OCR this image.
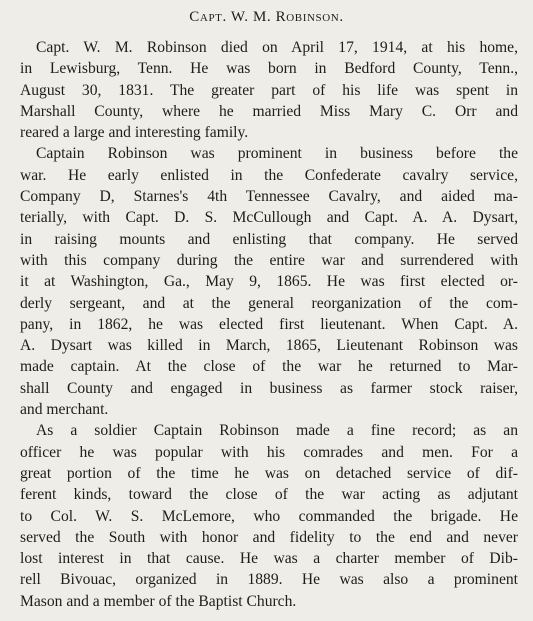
Capt. W. M. Robinson.
Capt. W. M. Robinson died on April 17, 1914, at his home,
in Lewisburg, Tenn. He was born in Bedford County, Tenn.,
August 30, 1831. The greater part of his life was spent in
Marshall County, where he married Miss Mary C. Orr and
reared a large and interesting family.
Captain Robinson was prominent in business before the
war. He early enlisted in the Confederate cavalry service,
Company D, Starnes's 4th Tennessee Cavalry, and aided ma-
terially, with Capt. D. S. McCullough and Capt. A. A. Dysart,
in raising mounts and enlisting that company. He served
with this company during the entire war and surrendered with
it at Washington, Ga., May 9, 1865. He was first elected or-
derly sergeant, and at the general reorganization of the com-
pany, in 1862, he was elected first lieutenant. When Capt. A.
A. Dysart was killed in March, 1865, Lieutenant Robinson was
made captain. At the close of the war he returned to Mar-
shall County and engaged in business as farmer stock raiser,
and merchant.
As a soldier Captain Robinson made a fine record; as an
officer he was popular with his comrades and men. For a
great portion of the time he was on detached service of dif-
ferent kinds, toward the close of the war acting as adjutant
to Col. W. S. McLemore, who commanded the brigade. He
served the South with honor and fidelity to the end and never
lost interest in that cause. He was a charter member of Dib-
rell Bivouac, organized in 1889. He was also a prominent
Mason and a member of the Baptist Church.
